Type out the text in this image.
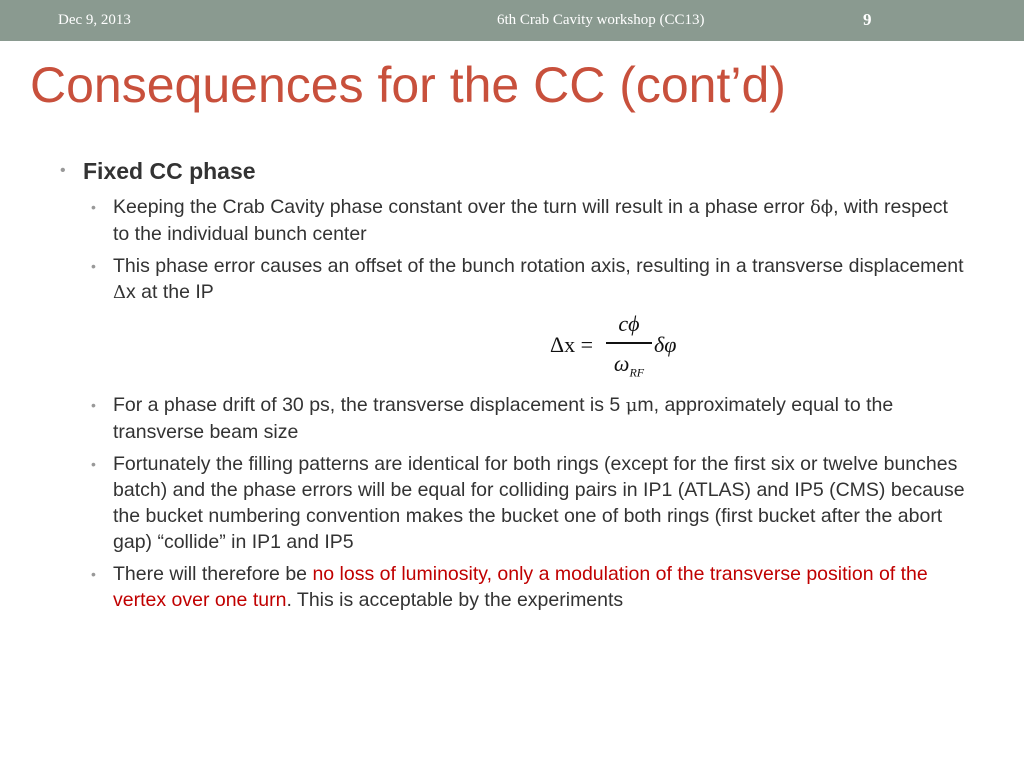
Dec 9, 2013	6th Crab Cavity workshop (CC13)	9
Consequences for the CC (cont’d)
• Fixed CC phase
• Keeping the Crab Cavity phase constant over the turn will result in a phase error δϕ, with respect to the individual bunch center
• This phase error causes an offset of the bunch rotation axis, resulting in a transverse displacement Δx at the IP
Δx =
cϕ
$\omega_{RF}$
δφ
• For a phase drift of 30 ps, the transverse displacement is 5 μm, approximately equal to the transverse beam size
• Fortunately the filling patterns are identical for both rings (except for the first six or twelve bunches batch) and the phase errors will be equal for colliding pairs in IP1 (ATLAS) and IP5 (CMS) because the bucket numbering convention makes the bucket one of both rings (first bucket after the abort gap) “collide” in IP1 and IP5
• There will therefore be no loss of luminosity, only a modulation of the transverse position of the vertex over one turn. This is acceptable by the experiments
